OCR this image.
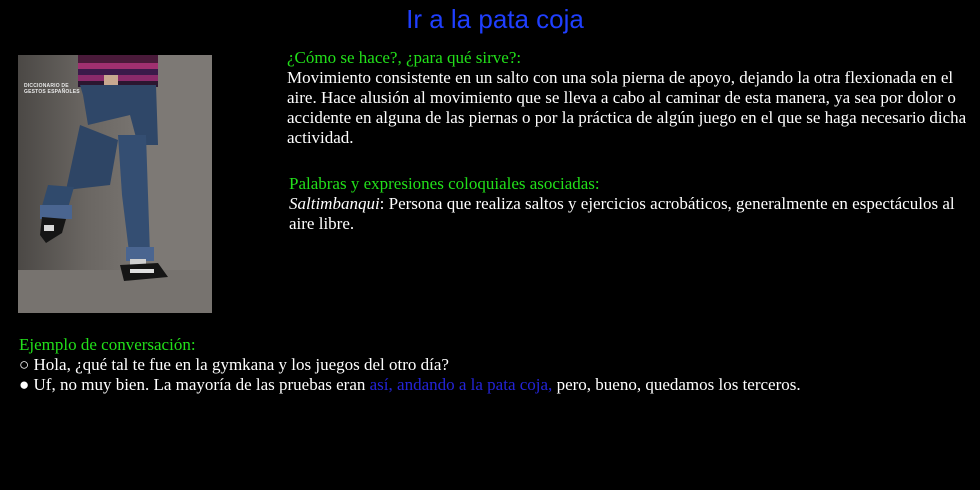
Ir a la pata coja
DICCIONARIO DE
GESTOS ESPAÑOLES
¿Cómo se hace?, ¿para qué sirve?:
Movimiento consistente en un salto con una sola pierna de apoyo, dejando la otra flexionada en el aire. Hace alusión al movimiento que se lleva a cabo al caminar de esta manera, ya sea por dolor o accidente en alguna de las piernas o por la práctica de algún juego en el que se haga necesario dicha actividad.
Palabras y expresiones coloquiales asociadas:
Saltimbanqui: Persona que realiza saltos y ejercicios acrobáticos, generalmente en espectáculos al aire libre.
Ejemplo de conversación:
○ Hola, ¿qué tal te fue en la gymkana y los juegos del otro día?
● Uf, no muy bien. La mayoría de las pruebas eran así, andando a la pata coja, pero, bueno, quedamos los terceros.
